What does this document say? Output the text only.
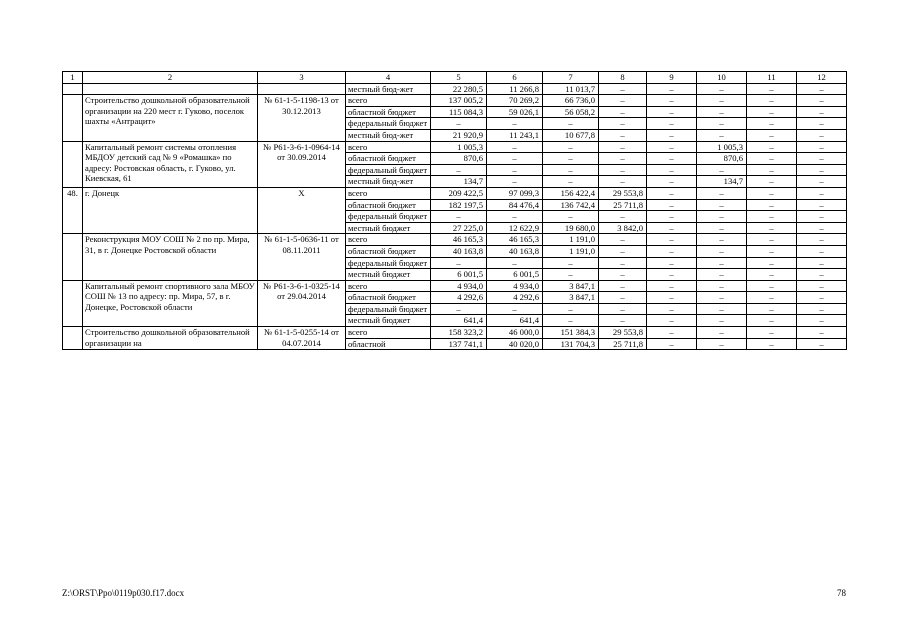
1	2	3	4	5	6	7	8	9	10	11	12
			местный бюд-жет	22 280,5	11 266,8	11 013,7	–	–	–	–	–
	Строительство дошкольной образовательной организации на 220 мест г. Гуково, поселок шахты «Антрацит»	№ 61-1-5-1198-13 от 30.12.2013	всего	137 005,2	70 269,2	66 736,0	–	–	–	–	–
			областной бюджет	115 084,3	59 026,1	56 058,2	–	–	–	–	–
			федеральный бюджет	–	–	–	–	–	–	–	–
			местный бюд-жет	21 920,9	11 243,1	10 677,8	–	–	–	–	–
	Капитальный ремонт системы отопления МБДОУ детский сад № 9 «Ромашка» по адресу: Ростовская область, г. Гуково, ул. Киевская, 61	№ Р61-3-6-1-0964-14 от 30.09.2014	всего	1 005,3	–	–	–	–	1 005,3	–	–
			областной бюджет	870,6	–	–	–	–	870,6	–	–
			федеральный бюджет	–	–	–	–	–	–	–	–
			местный бюд-жет	134,7	–	–	–	–	134,7	–	–
48.	г. Донецк	Х	всего	209 422,5	97 099,3	156 422,4	29 553,8	–	–	–	–
			областной бюджет	182 197,5	84 476,4	136 742,4	25 711,8	–	–	–	–
			федеральный бюджет	–	–	–	–	–	–	–	–
			местный бюджет	27 225,0	12 622,9	19 680,0	3 842,0	–	–	–	–
	Реконструкция МОУ СОШ № 2 по пр. Мира, 31, в г. Донецке Ростовской области	№ 61-1-5-0636-11 от 08.11.2011	всего	46 165,3	46 165,3	1 191,0	–	–	–	–	–
			областной бюджет	40 163,8	40 163,8	1 191,0	–	–	–	–	–
			федеральный бюджет	–	–	–	–	–	–	–	–
			местный бюджет	6 001,5	6 001,5	–	–	–	–	–	–
	Капитальный ремонт спортивного зала МБОУ СОШ № 13 по адресу: пр. Мира, 57, в г. Донецке, Ростовской области	№ Р61-3-6-1-0325-14 от 29.04.2014	всего	4 934,0	4 934,0	3 847,1	–	–	–	–	–
			областной бюджет	4 292,6	4 292,6	3 847,1	–	–	–	–	–
			федеральный бюджет	–	–	–	–	–	–	–	–
			местный бюджет	641,4	641,4	–	–	–	–	–	–
	Строительство дошкольной образовательной организации на	№ 61-1-5-0255-14 от 04.07.2014	всего	158 323,2	46 000,0	151 384,3	29 553,8	–	–	–	–
			областной	137 741,1	40 020,0	131 704,3	25 711,8	–	–	–	–
Z:\ORST\Ppo\0119p030.f17.docx	78
